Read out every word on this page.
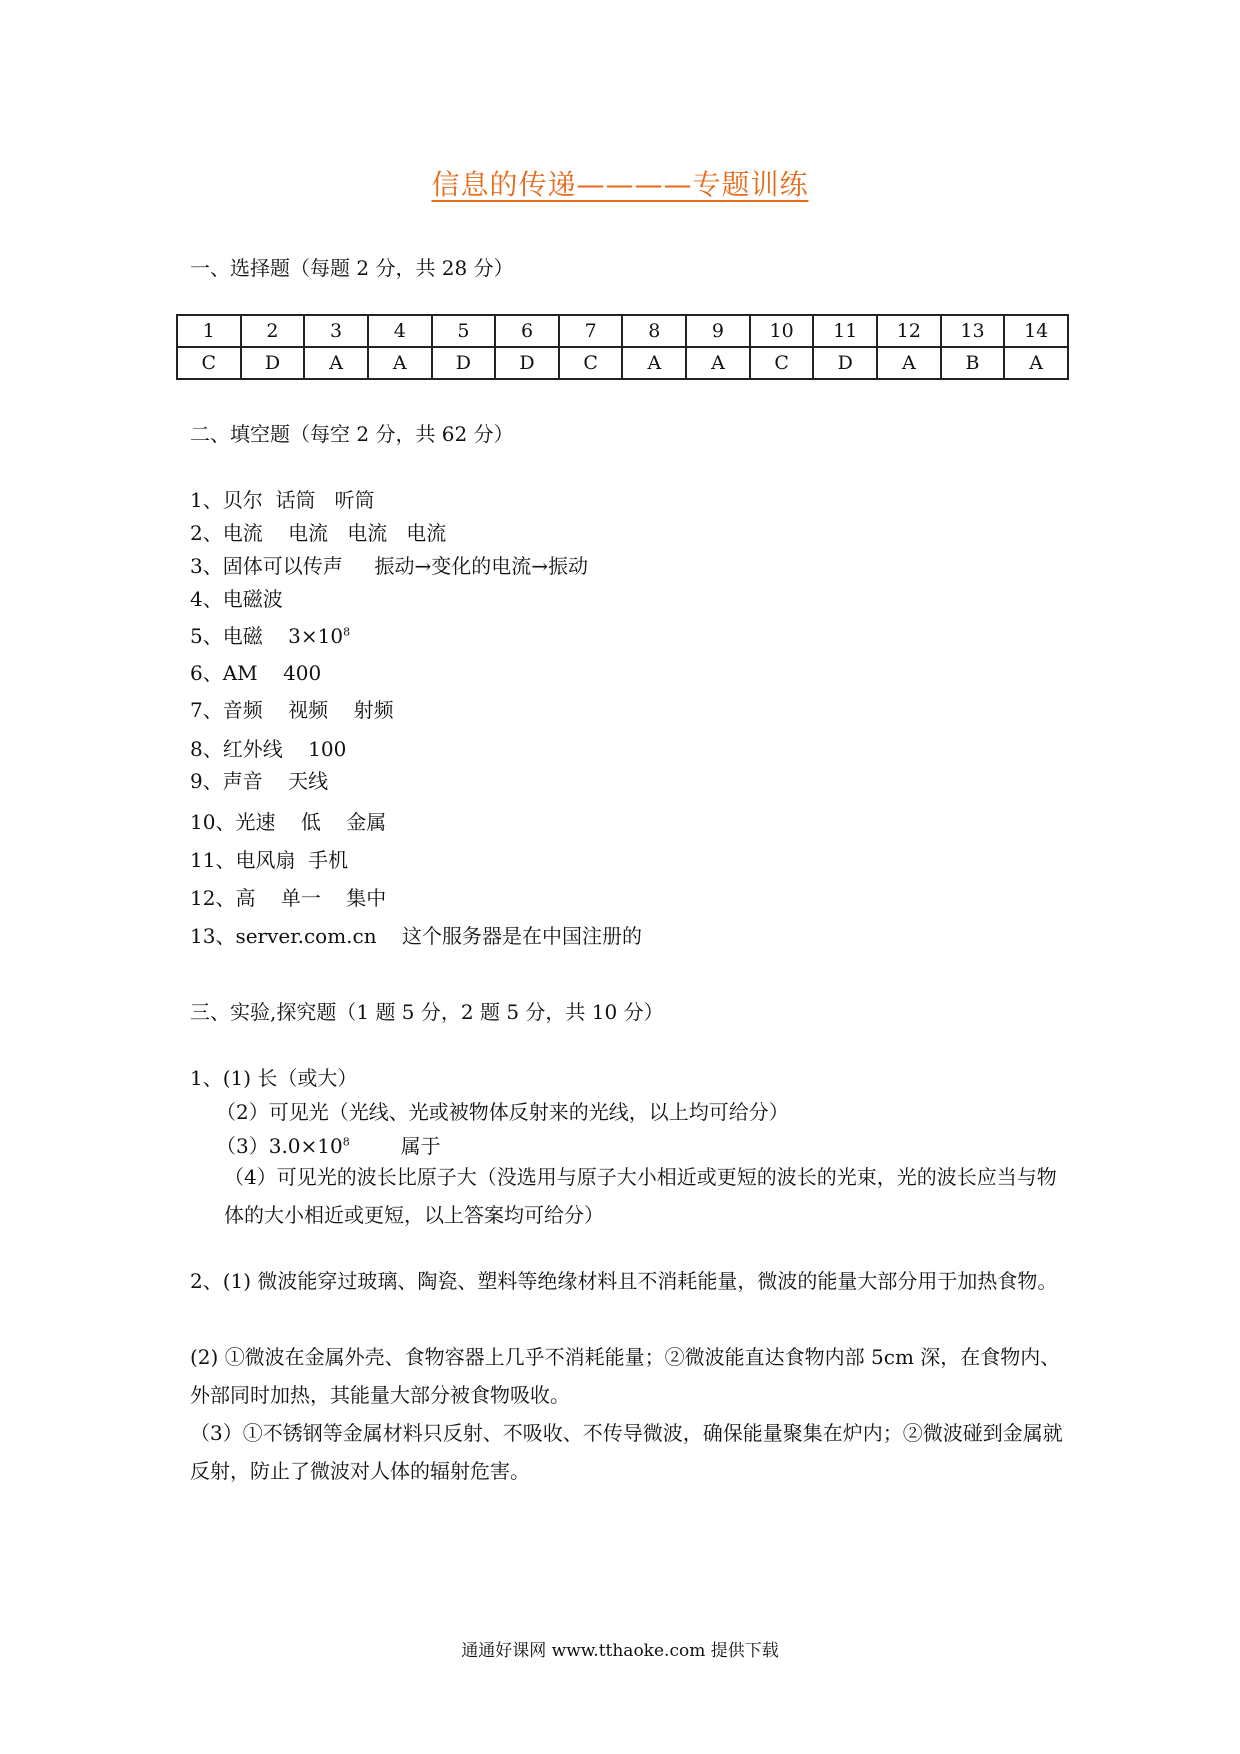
信息的传递————专题训练
一、选择题（每题 2 分，共 28 分）
1	2	3	4	5	6	7	8	9	10	11	12	13	14
C	D	A	A	D	D	C	A	A	C	D	A	B	A
二、填空题（每空 2 分，共 62 分）
1、贝尔  话筒   听筒
2、电流    电流   电流   电流
3、固体可以传声     振动→变化的电流→振动
4、电磁波
5、电磁    $3\times 10^8$
6、AM    400
7、音频    视频    射频
8、红外线    100
9、声音    天线
10、光速    低    金属
11、电风扇  手机
12、高    单一    集中
13、server.com.cn    这个服务器是在中国注册的
三、实验,探究题（1 题 5 分，2 题 5 分，共 10 分）
1、(1) 长（或大）
（2）可见光（光线、光或被物体反射来的光线，以上均可给分）
$(3)3.0\times 10^8$        属于
（4）可见光的波长比原子大（没选用与原子大小相近或更短的波长的光束，光的波长应当与物体的大小相近或更短，以上答案均可给分）
2、(1) 微波能穿过玻璃、陶瓷、塑料等绝缘材料且不消耗能量，微波的能量大部分用于加热食物。
(2) ①微波在金属外壳、食物容器上几乎不消耗能量；②微波能直达食物内部 5cm 深，在食物内、外部同时加热，其能量大部分被食物吸收。
（3）①不锈钢等金属材料只反射、不吸收、不传导微波，确保能量聚集在炉内；②微波碰到金属就反射，防止了微波对人体的辐射危害。
通通好课网 www.tthaoke.com 提供下载
